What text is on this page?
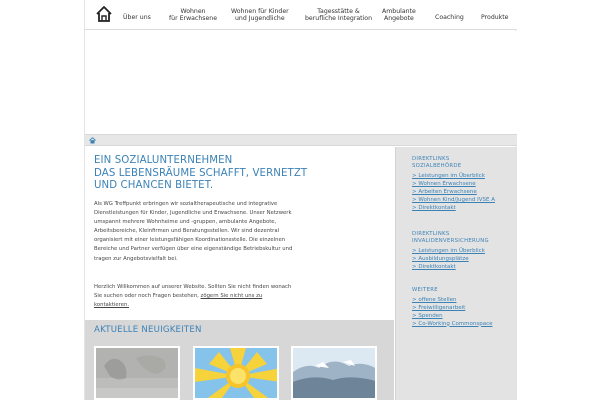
Über uns
Wohnen
für Erwachsene
Wohnen für Kinder
und Jugendliche
Tagesstätte &
berufliche Integration
Ambulante
Angebote	Coaching	Produkte
EIN SOZIALUNTERNEHMEN
DAS LEBENSRÄUME SCHAFFT, VERNETZT
UND CHANCEN BIETET.

Als WG Treffpunkt erbringen wir sozialtherapeutische und integrative Dienstleistungen für Kinder, Jugendliche und Erwachsene. Unser Netzwerk umspannt mehrere Wohnheime und -gruppen, ambulante Angebote, Arbeitsbereiche, Kleinfirmen und Beratungsstellen. Wir sind dezentral organisiert mit einer leistungsfähigen Koordinationsstelle. Die einzelnen Bereiche und Partner verfügen über eine eigenständige Betriebskultur und tragen zur Angebotsvielfalt bei.

Herzlich Willkommen auf unserer Website. Sollten Sie nicht finden wonach Sie suchen oder noch Fragen bestehen, zögern Sie nicht uns zu kontaktieren.

AKTUELLE NEUIGKEITEN
DIREKTLINKS
SOZIALBEHÖRDE
> Leistungen im Überblick
> Wohnen Erwachsene
> Arbeiten Erwachsene
> Wohnen Kind/Jugend IVSE A
> Direktkontakt
DIREKTLINKS
INVALIDENVERSICHERUNG
> Leistungen im Überblick
> Ausbildungsplätze
> Direktkontakt
WEITERE
> offene Stellen
> Freiwilligenarbeit
> Spenden
> Co-Working Commonspace
